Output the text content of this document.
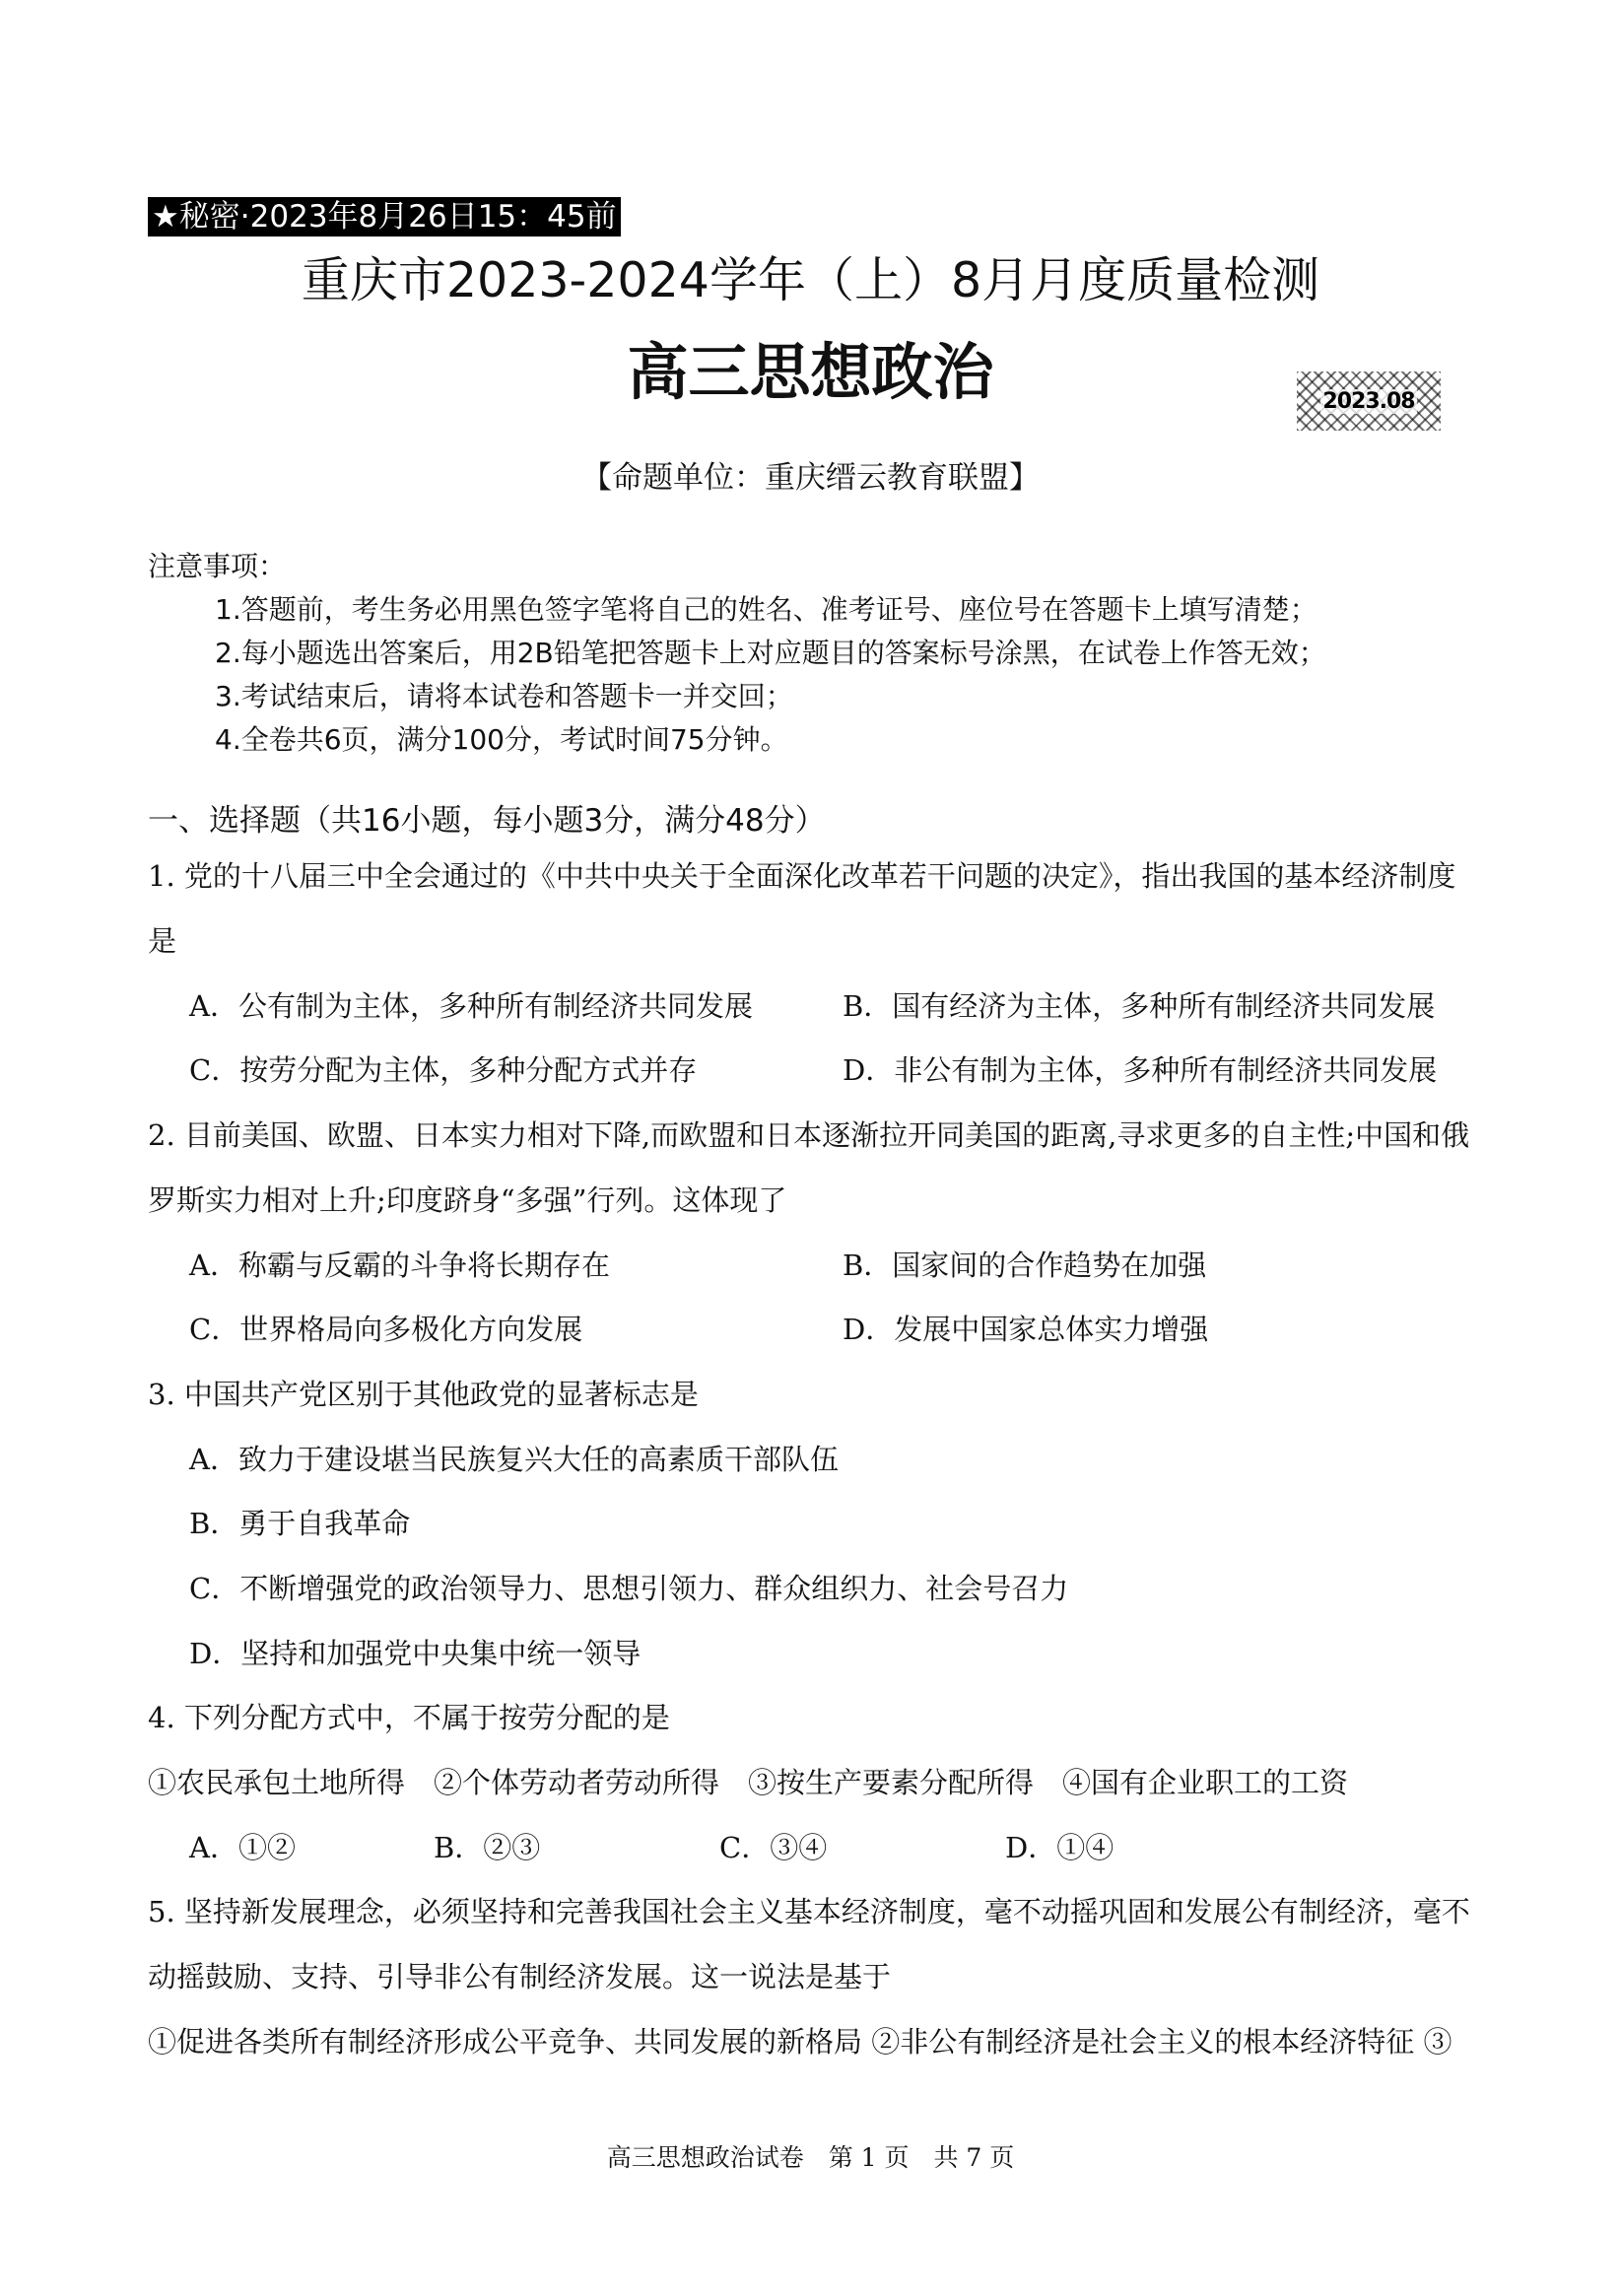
★秘密·2023年8月26日15：45前
重庆市2023-2024学年（上）8月月度质量检测
高三思想政治	2023.08
【命题单位：重庆缙云教育联盟】
注意事项：
1.答题前，考生务必用黑色签字笔将自己的姓名、准考证号、座位号在答题卡上填写清楚；
2.每小题选出答案后，用2B铅笔把答题卡上对应题目的答案标号涂黑，在试卷上作答无效；
3.考试结束后，请将本试卷和答题卡一并交回；
4.全卷共6页，满分100分，考试时间75分钟。
一、选择题（共16小题，每小题3分，满分48分）
1. 党的十八届三中全会通过的《中共中央关于全面深化改革若干问题的决定》，指出我国的基本经济制度
是
A．公有制为主体，多种所有制经济共同发展	B．国有经济为主体，多种所有制经济共同发展
C．按劳分配为主体，多种分配方式并存	D．非公有制为主体，多种所有制经济共同发展
2. 目前美国、欧盟、日本实力相对下降,而欧盟和日本逐渐拉开同美国的距离,寻求更多的自主性;中国和俄
罗斯实力相对上升;印度跻身“多强”行列。这体现了
A．称霸与反霸的斗争将长期存在	B．国家间的合作趋势在加强
C．世界格局向多极化方向发展	D．发展中国家总体实力增强
3. 中国共产党区别于其他政党的显著标志是
A．致力于建设堪当民族复兴大任的高素质干部队伍
B．勇于自我革命
C．不断增强党的政治领导力、思想引领力、群众组织力、社会号召力
D．坚持和加强党中央集中统一领导
4. 下列分配方式中，不属于按劳分配的是
①农民承包土地所得　②个体劳动者劳动所得　③按生产要素分配所得　④国有企业职工的工资
A．①②	B．②③	C．③④	D．①④
5. 坚持新发展理念，必须坚持和完善我国社会主义基本经济制度，毫不动摇巩固和发展公有制经济，毫不
动摇鼓励、支持、引导非公有制经济发展。这一说法是基于
①促进各类所有制经济形成公平竞争、共同发展的新格局 ②非公有制经济是社会主义的根本经济特征 ③
高三思想政治试卷　第 1 页　共 7 页
